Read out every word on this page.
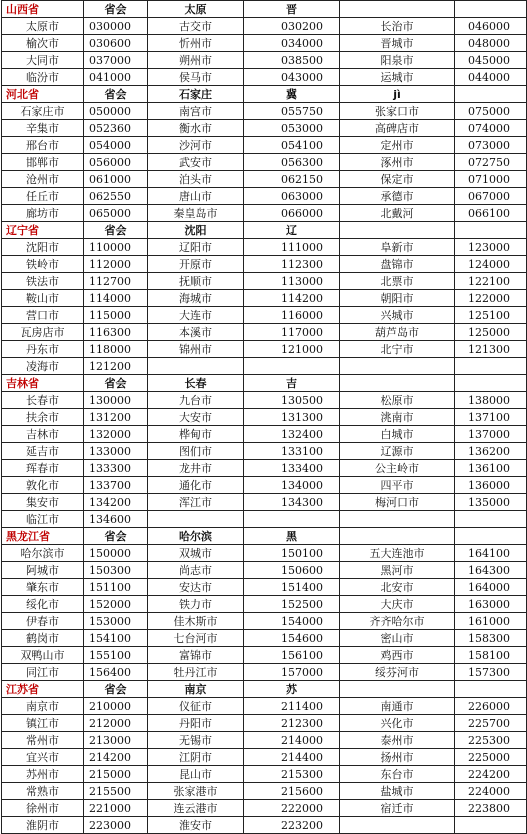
山西省	省会	太原	晋		
太原市	030000	古交市	030200	长治市	046000
榆次市	030600	忻州市	034000	晋城市	048000
大同市	037000	朔州市	038500	阳泉市	045000
临汾市	041000	侯马市	043000	运城市	044000
河北省	省会	石家庄	冀	jì	
石家庄市	050000	南宫市	055750	张家口市	075000
辛集市	052360	衡水市	053000	高碑店市	074000
邢台市	054000	沙河市	054100	定州市	073000
邯郸市	056000	武安市	056300	涿州市	072750
沧州市	061000	泊头市	062150	保定市	071000
任丘市	062550	唐山市	063000	承德市	067000
廊坊市	065000	秦皇岛市	066000	北戴河	066100
辽宁省	省会	沈阳	辽		
沈阳市	110000	辽阳市	111000	阜新市	123000
铁岭市	112000	开原市	112300	盘锦市	124000
铁法市	112700	抚顺市	113000	北票市	122100
鞍山市	114000	海城市	114200	朝阳市	122000
营口市	115000	大连市	116000	兴城市	125100
瓦房店市	116300	本溪市	117000	葫芦岛市	125000
丹东市	118000	锦州市	121000	北宁市	121300
凌海市	121200				
吉林省	省会	长春	吉		
长春市	130000	九台市	130500	松原市	138000
扶余市	131200	大安市	131300	洮南市	137100
吉林市	132000	桦甸市	132400	白城市	137000
延吉市	133000	图们市	133100	辽源市	136200
珲春市	133300	龙井市	133400	公主岭市	136100
敦化市	133700	通化市	134000	四平市	136000
集安市	134200	浑江市	134300	梅河口市	135000
临江市	134600				
黑龙江省	省会	哈尔滨	黑		
哈尔滨市	150000	双城市	150100	五大连池市	164100
阿城市	150300	尚志市	150600	黑河市	164300
肇东市	151100	安达市	151400	北安市	164000
绥化市	152000	铁力市	152500	大庆市	163000
伊春市	153000	佳木斯市	154000	齐齐哈尔市	161000
鹤岗市	154100	七台河市	154600	密山市	158300
双鸭山市	155100	富锦市	156100	鸡西市	158100
同江市	156400	牡丹江市	157000	绥芬河市	157300
江苏省	省会	南京	苏		
南京市	210000	仪征市	211400	南通市	226000
镇江市	212000	丹阳市	212300	兴化市	225700
常州市	213000	无锡市	214000	泰州市	225300
宜兴市	214200	江阴市	214400	扬州市	225000
苏州市	215000	昆山市	215300	东台市	224200
常熟市	215500	张家港市	215600	盐城市	224000
徐州市	221000	连云港市	222000	宿迁市	223800
淮阴市	223000	淮安市	223200		
